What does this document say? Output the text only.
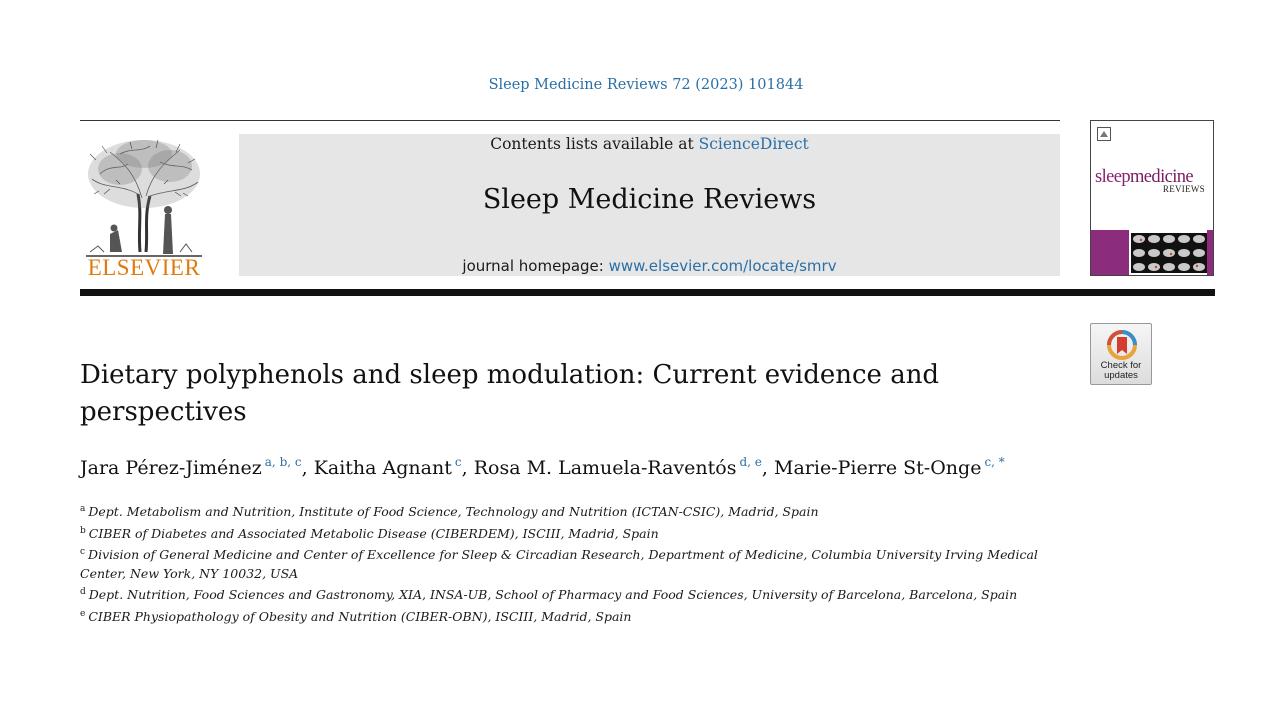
Sleep Medicine Reviews 72 (2023) 101844
ELSEVIER
Contents lists available at ScienceDirect
Sleep Medicine Reviews
journal homepage: www.elsevier.com/locate/smrv
sleepmedicine
REVIEWS
Check for
updates
Dietary polyphenols and sleep modulation: Current evidence and perspectives
Jara Pérez-Jiménez $^{a, b, c}$, Kaitha Agnant $^c$, Rosa M. Lamuela-Raventós $^{d, e}$, Marie-Pierre St-Onge $^{c, *}$
$^a$ Dept. Metabolism and Nutrition, Institute of Food Science, Technology and Nutrition (ICTAN-CSIC), Madrid, Spain
$^b$ CIBER of Diabetes and Associated Metabolic Disease (CIBERDEM), ISCIII, Madrid, Spain
$^c$ Division of General Medicine and Center of Excellence for Sleep & Circadian Research, Department of Medicine, Columbia University Irving Medical Center, New York, NY 10032, USA
$^d$ Dept. Nutrition, Food Sciences and Gastronomy, XIA, INSA-UB, School of Pharmacy and Food Sciences, University of Barcelona, Barcelona, Spain
$^e$ CIBER Physiopathology of Obesity and Nutrition (CIBER-OBN), ISCIII, Madrid, Spain
